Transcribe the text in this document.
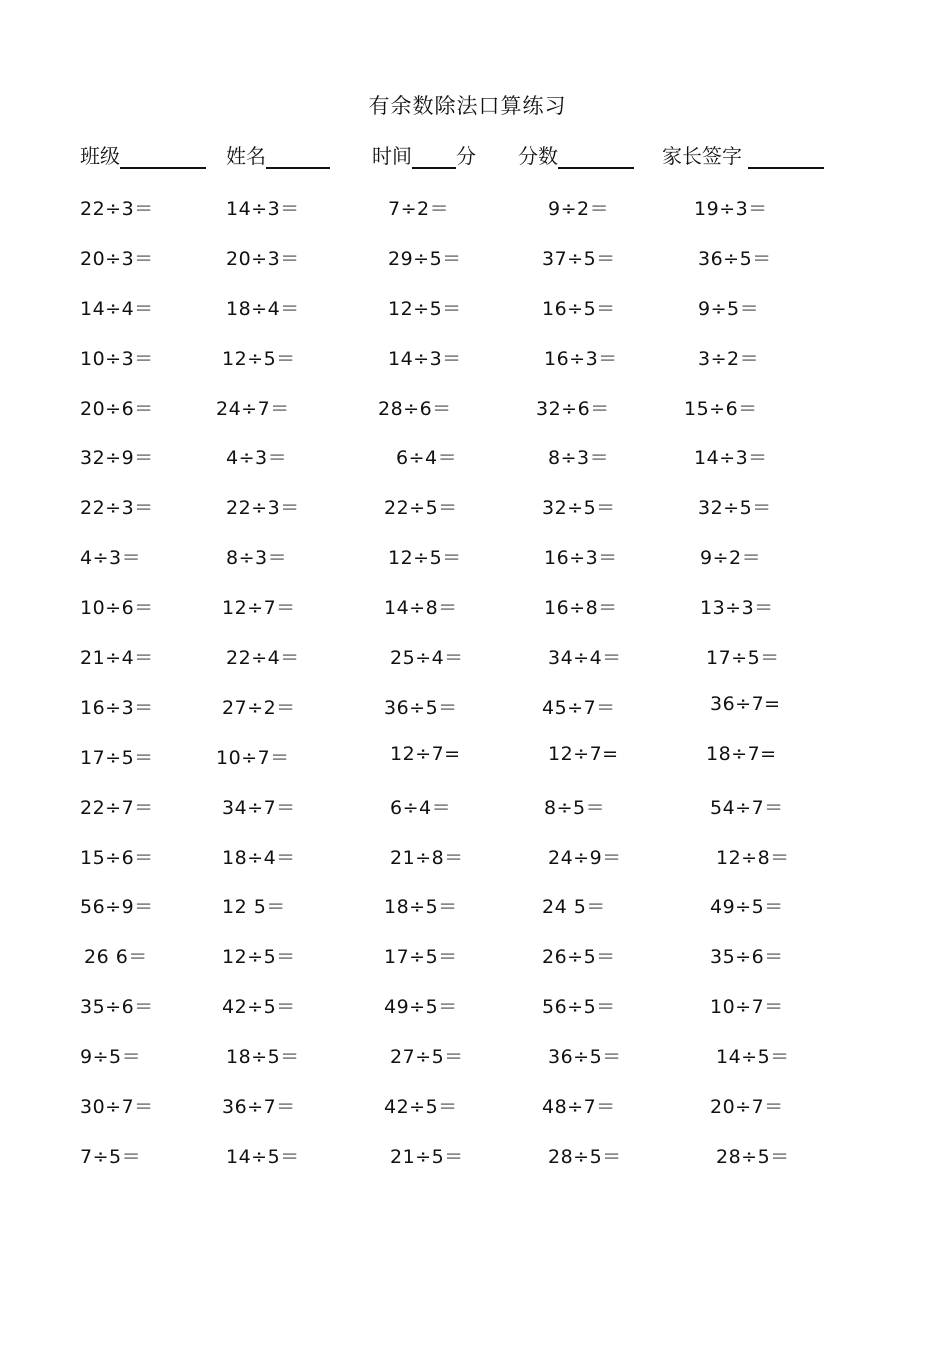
有余数除法口算练习
班级	姓名	时间 分 分数	家长签字
22÷3＝	14÷3＝	7÷2＝	9÷2＝	19÷3＝
20÷3＝	20÷3＝	29÷5＝	37÷5＝	36÷5＝
14÷4＝	18÷4＝	12÷5＝	16÷5＝	9÷5＝
10÷3＝	12÷5＝	14÷3＝	16÷3＝	3÷2＝
20÷6＝	24÷7＝	28÷6＝	32÷6＝	15÷6＝
32÷9＝	4÷3＝	6÷4＝	8÷3＝	14÷3＝
22÷3＝	22÷3＝	22÷5＝	32÷5＝	32÷5＝
4÷3＝	8÷3＝	12÷5＝	16÷3＝	9÷2＝
10÷6＝	12÷7＝	14÷8＝	16÷8＝	13÷3＝
21÷4＝	22÷4＝	25÷4＝	34÷4＝	17÷5＝
16÷3＝	27÷2＝	36÷5＝	45÷7＝	36÷7=
17÷5＝	10÷7＝	12÷7=	12÷7=	18÷7=
22÷7＝	34÷7＝	6÷4＝	8÷5＝	54÷7＝
15÷6＝	18÷4＝	21÷8＝	24÷9＝	12÷8＝
56÷9＝	12 5＝	18÷5＝	24 5＝	49÷5＝
26 6＝	12÷5＝	17÷5＝	26÷5＝	35÷6＝
35÷6＝	42÷5＝	49÷5＝	56÷5＝	10÷7＝
9÷5＝	18÷5＝	27÷5＝	36÷5＝	14÷5＝
30÷7＝	36÷7＝	42÷5＝	48÷7＝	20÷7＝
7÷5＝	14÷5＝	21÷5＝	28÷5＝	28÷5＝
